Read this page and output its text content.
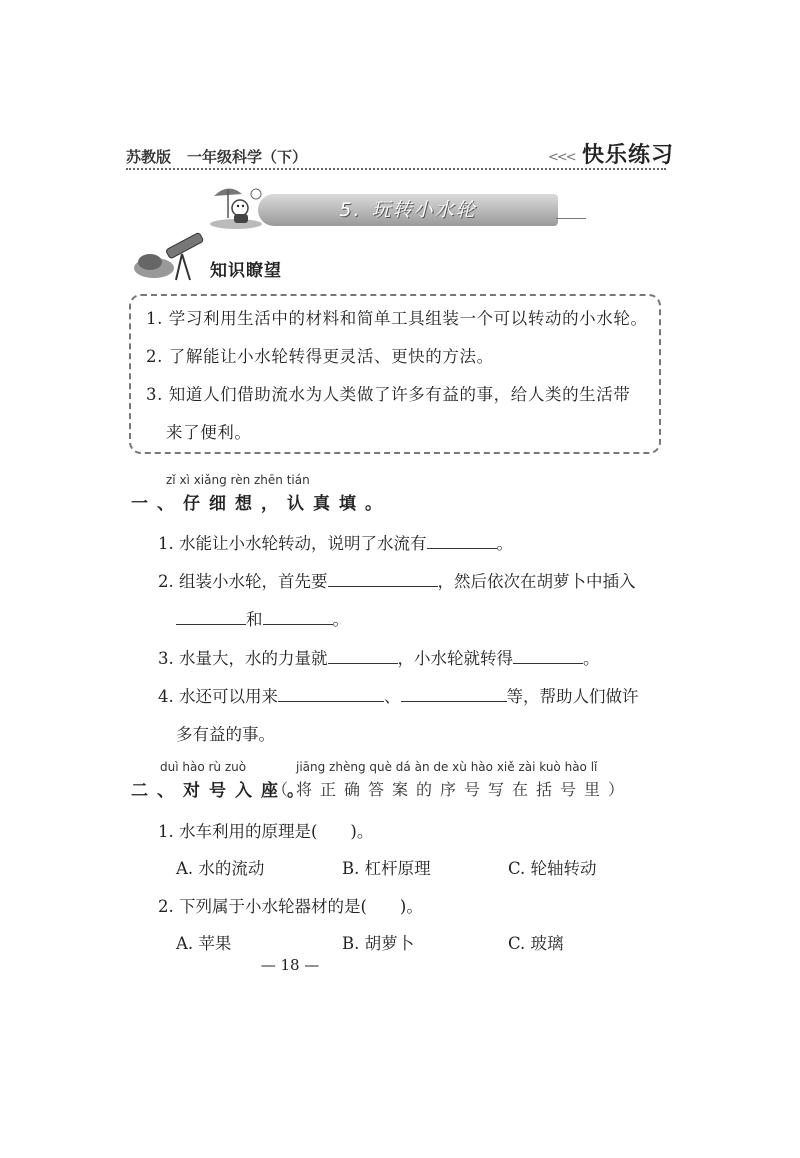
苏教版 一年级科学（下）	<<< 快乐练习
5. 玩转小水轮
知识瞭望
1. 学习利用生活中的材料和简单工具组装一个可以转动的小水轮。
2. 了解能让小水轮转得更灵活、更快的方法。
3. 知道人们借助流水为人类做了许多有益的事，给人类的生活带
来了便利。
zǐ xì xiǎng rèn zhēn tián
一、仔细想，认真填。
1. 水能让小水轮转动，说明了水流有	。
2. 组装小水轮，首先要	，然后依次在胡萝卜中插入
和	。
3. 水量大，水的力量就	，小水轮就转得	。
4. 水还可以用来	、	等，帮助人们做许
多有益的事。
duì hào rù zuò	jiāng zhèng què dá àn de xù hào xiě zài kuò hào lǐ
二、对号入座。
（将正确答案的序号写在括号里）
1. 水车利用的原理是(　　)。
A. 水的流动	B. 杠杆原理	C. 轮轴转动
2. 下列属于小水轮器材的是(　　)。
A. 苹果	B. 胡萝卜	C. 玻璃
— 18 —
